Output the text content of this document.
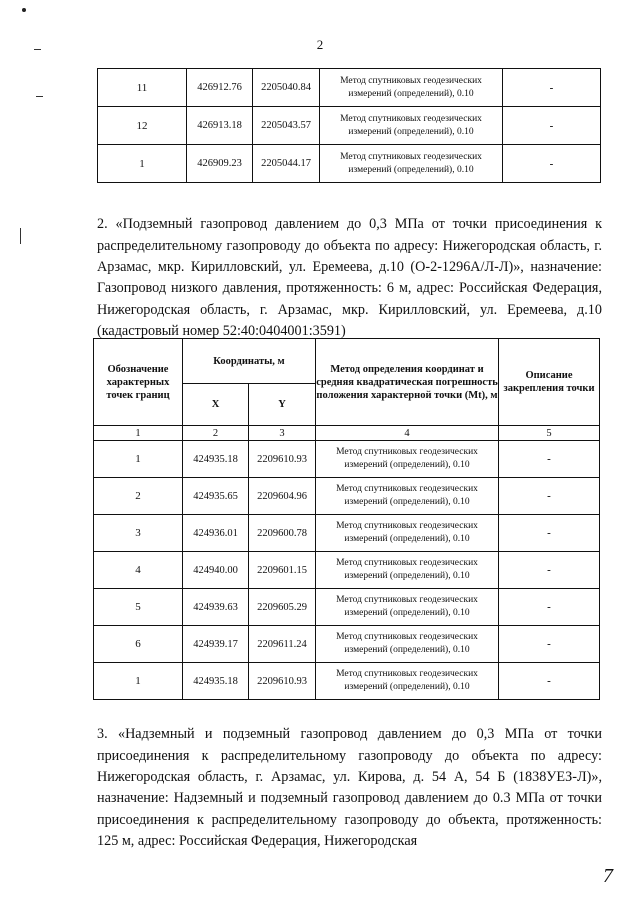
2
11	426912.76	2205040.84	Метод спутниковых геодезических измерений (определений), 0.10	-
12	426913.18	2205043.57	Метод спутниковых геодезических измерений (определений), 0.10	-
1	426909.23	2205044.17	Метод спутниковых геодезических измерений (определений), 0.10	-

2. «Подземный газопровод давлением до 0,3 МПа от точки присоединения к распределительному газопроводу до объекта по адресу: Нижегородская область, г. Арзамас, мкр. Кирилловский, ул. Еремеева, д.10 (О-2-1296А/Л-Л)», назначение: Газопровод низкого давления, протяженность: 6 м, адрес: Российская Федерация, Нижегородская область, г. Арзамас, мкр. Кирилловский, ул. Еремеева, д.10 (кадастровый номер 52:40:0404001:3591)

Обозначение характерных точек границ	Координаты, м		Метод определения координат и средняя квадратическая погрешность положения характерной точки (Mt), м	Описание закрепления точки
	X	Y		
1	2	3	4	5
1	424935.18	2209610.93	Метод спутниковых геодезических измерений (определений), 0.10	-
2	424935.65	2209604.96	Метод спутниковых геодезических измерений (определений), 0.10	-
3	424936.01	2209600.78	Метод спутниковых геодезических измерений (определений), 0.10	-
4	424940.00	2209601.15	Метод спутниковых геодезических измерений (определений), 0.10	-
5	424939.63	2209605.29	Метод спутниковых геодезических измерений (определений), 0.10	-
6	424939.17	2209611.24	Метод спутниковых геодезических измерений (определений), 0.10	-
1	424935.18	2209610.93	Метод спутниковых геодезических измерений (определений), 0.10	-

3. «Надземный и подземный газопровод давлением до 0,3 МПа от точки присоединения к распределительному газопроводу до объекта по адресу: Нижегородская область, г. Арзамас, ул. Кирова, д. 54 А, 54 Б (1838УЕЗ-Л)», назначение: Надземный и подземный газопровод давлением до 0.3 МПа от точки присоединения к распределительному газопроводу до объекта, протяженность: 125 м, адрес: Российская Федерация, Нижегородская

7
